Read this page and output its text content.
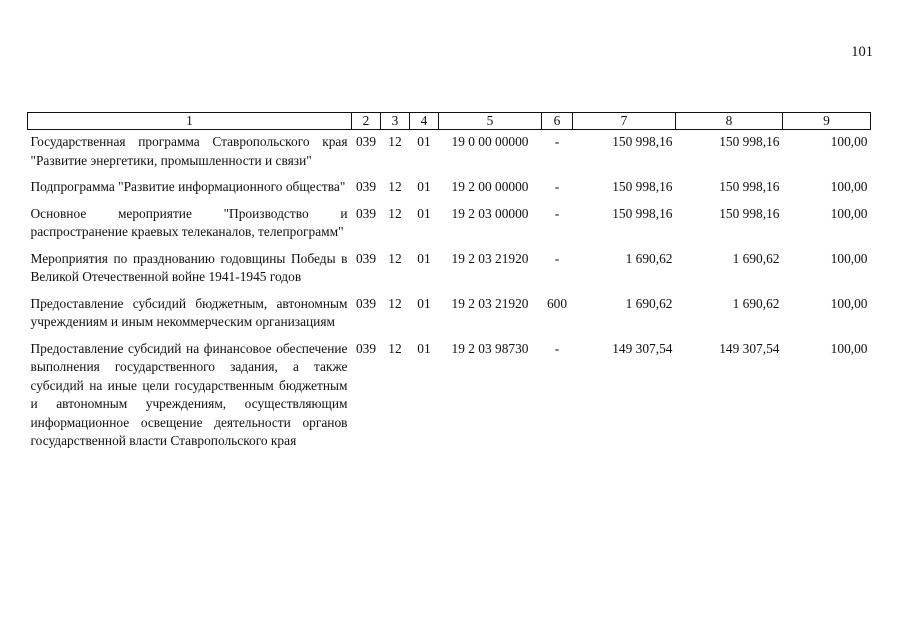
101
1	2	3	4	5	6	7	8	9
Государственная программа Ставропольского края "Развитие энергетики, промышленности и связи"	039	12	01	19 0 00 00000	-	150 998,16	150 998,16	100,00
Подпрограмма "Развитие информационного общества"	039	12	01	19 2 00 00000	-	150 998,16	150 998,16	100,00
Основное мероприятие "Производство и распространение краевых телеканалов, телепрограмм"	039	12	01	19 2 03 00000	-	150 998,16	150 998,16	100,00
Мероприятия по празднованию годовщины Победы в Великой Отечественной войне 1941-1945 годов	039	12	01	19 2 03 21920	-	1 690,62	1 690,62	100,00
Предоставление субсидий бюджетным, автономным учреждениям и иным некоммерческим организациям	039	12	01	19 2 03 21920	600	1 690,62	1 690,62	100,00
Предоставление субсидий на финансовое обеспечение выполнения государственного задания, а также субсидий на иные цели государственным бюджетным и автономным учреждениям, осуществляющим информационное освещение деятельности органов государственной власти Ставропольского края	039	12	01	19 2 03 98730	-	149 307,54	149 307,54	100,00
